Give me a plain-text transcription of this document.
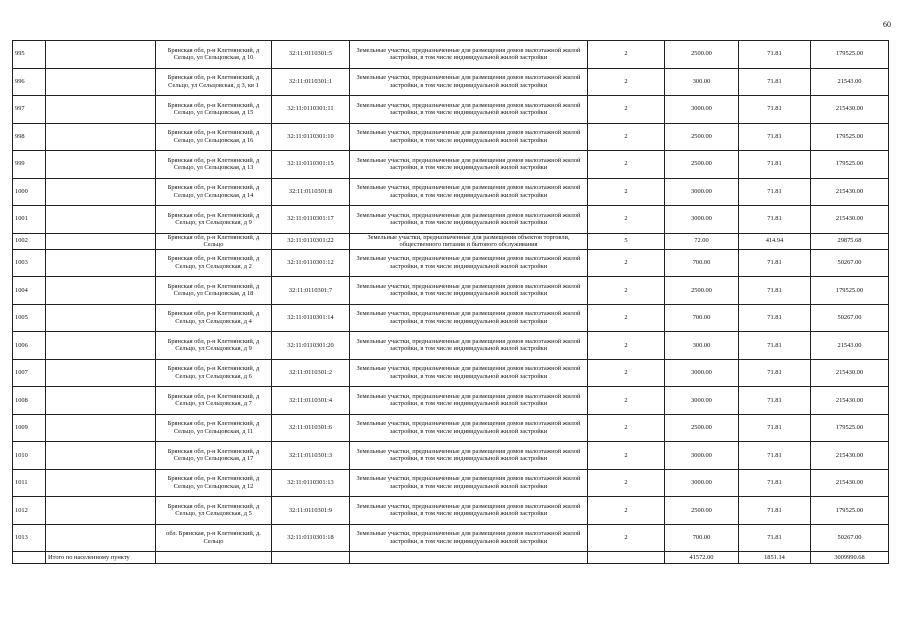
60
995		Брянская обл, р-н Клетнянский, д Сельцо, ул Сельцовская, д 10	32:11:0110301:5	Земельные участки, предназначенные для размещения домов малоэтажной жилой застройки, в том числе индивидуальной жилой застройки	2	2500.00	71.81	179525.00
996		Брянская обл, р-н Клетнянский, д Сельцо, ул Сельцовская, д 3, кв 1	32:11:0110301:1	Земельные участки, предназначенные для размещения домов малоэтажной жилой застройки, в том числе индивидуальной жилой застройки	2	300.00	71.81	21543.00
997		Брянская обл, р-н Клетнянский, д Сельцо, ул Сельцовская, д 15	32:11:0110301:11	Земельные участки, предназначенные для размещения домов малоэтажной жилой застройки, в том числе индивидуальной жилой застройки	2	3000.00	71.81	215430.00
998		Брянская обл, р-н Клетнянский, д Сельцо, ул Сельцовская, д 16	32:11:0110301:10	Земельные участки, предназначенные для размещения домов малоэтажной жилой застройки, в том числе индивидуальной жилой застройки	2	2500.00	71.81	179525.00
999		Брянская обл, р-н Клетнянский, д Сельцо, ул Сельцовская, д 13	32:11:0110301:15	Земельные участки, предназначенные для размещения домов малоэтажной жилой застройки, в том числе индивидуальной жилой застройки	2	2500.00	71.81	179525.00
1000		Брянская обл, р-н Клетнянский, д Сельцо, ул Сельцовская, д 14	32:11:0110301:8	Земельные участки, предназначенные для размещения домов малоэтажной жилой застройки, в том числе индивидуальной жилой застройки	2	3000.00	71.81	215430.00
1001		Брянская обл, р-н Клетнянский, д Сельцо, ул Сельцовская, д 9	32:11:0110301:17	Земельные участки, предназначенные для размещения домов малоэтажной жилой застройки, в том числе индивидуальной жилой застройки	2	3000.00	71.81	215430.00
1002		Брянская обл, р-н Клетнянский, д Сельцо	32:11:0110301:22	Земельные участки, предназначенные для размещения объектов торговли, общественного питания и бытового обслуживания	5	72.00	414.94	29875.68
1003		Брянская обл, р-н Клетнянский, д Сельцо, ул Сельцовская, д 2	32:11:0110301:12	Земельные участки, предназначенные для размещения домов малоэтажной жилой застройки, в том числе индивидуальной жилой застройки	2	700.00	71.81	50267.00
1004		Брянская обл, р-н Клетнянский, д Сельцо, ул Сельцовская, д 18	32:11:0110301:7	Земельные участки, предназначенные для размещения домов малоэтажной жилой застройки, в том числе индивидуальной жилой застройки	2	2500.00	71.81	179525.00
1005		Брянская обл, р-н Клетнянский, д Сельцо, ул Сельцовская, д 4	32:11:0110301:14	Земельные участки, предназначенные для размещения домов малоэтажной жилой застройки, в том числе индивидуальной жилой застройки	2	700.00	71.81	50267.00
1006		Брянская обл, р-н Клетнянский, д Сельцо, ул Сельцовская, д 9	32:11:0110301:20	Земельные участки, предназначенные для размещения домов малоэтажной жилой застройки, в том числе индивидуальной жилой застройки	2	300.00	71.81	21543.00
1007		Брянская обл, р-н Клетнянский, д Сельцо, ул Сельцовская, д 6	32:11:0110301:2	Земельные участки, предназначенные для размещения домов малоэтажной жилой застройки, в том числе индивидуальной жилой застройки	2	3000.00	71.81	215430.00
1008		Брянская обл, р-н Клетнянский, д Сельцо, ул Сельцовская, д 7	32:11:0110301:4	Земельные участки, предназначенные для размещения домов малоэтажной жилой застройки, в том числе индивидуальной жилой застройки	2	3000.00	71.81	215430.00
1009		Брянская обл, р-н Клетнянский, д Сельцо, ул Сельцовская, д 11	32:11:0110301:6	Земельные участки, предназначенные для размещения домов малоэтажной жилой застройки, в том числе индивидуальной жилой застройки	2	2500.00	71.81	179525.00
1010		Брянская обл, р-н Клетнянский, д Сельцо, ул Сельцовская, д 17	32:11:0110301:3	Земельные участки, предназначенные для размещения домов малоэтажной жилой застройки, в том числе индивидуальной жилой застройки	2	3000.00	71.81	215430.00
1011		Брянская обл, р-н Клетнянский, д Сельцо, ул Сельцовская, д 12	32:11:0110301:13	Земельные участки, предназначенные для размещения домов малоэтажной жилой застройки, в том числе индивидуальной жилой застройки	2	3000.00	71.81	215430.00
1012		Брянская обл, р-н Клетнянский, д Сельцо, ул Сельцовская, д 5	32:11:0110301:9	Земельные участки, предназначенные для размещения домов малоэтажной жилой застройки, в том числе индивидуальной жилой застройки	2	2500.00	71.81	179525.00
1013		обл. Брянская, р-н Клетнянский, д. Сельцо	32:11:0110301:18	Земельные участки, предназначенные для размещения домов малоэтажной жилой застройки, в том числе индивидуальной жилой застройки	2	700.00	71.81	50267.00
	Итого по населенному пункту					41572.00	1851.14	3009990.68
